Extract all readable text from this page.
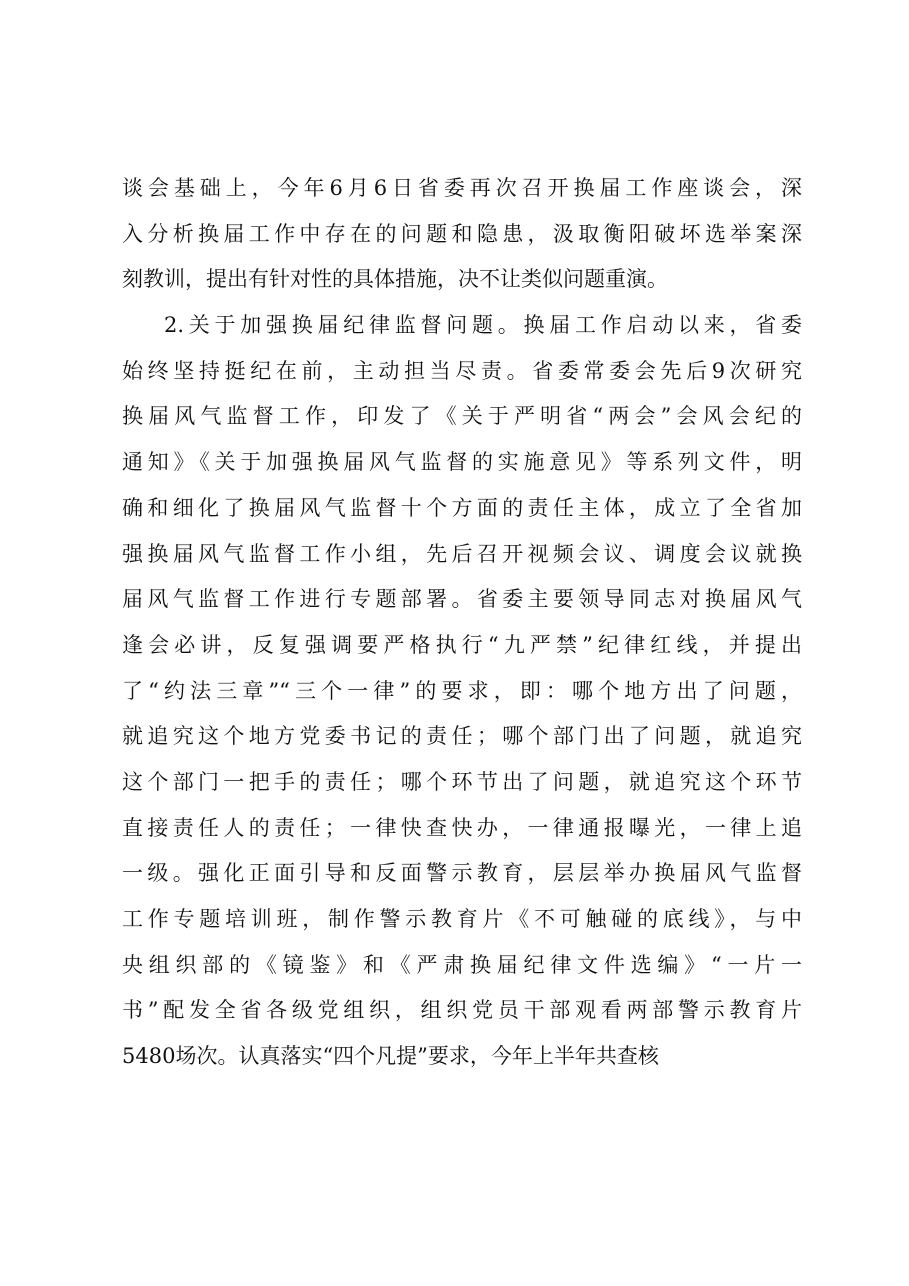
谈会基础上，今年6月6日省委再次召开换届工作座谈会，深
入分析换届工作中存在的问题和隐患，汲取衡阳破坏选举案深
刻教训，提出有针对性的具体措施，决不让类似问题重演。
2.关于加强换届纪律监督问题。换届工作启动以来，省委
始终坚持挺纪在前，主动担当尽责。省委常委会先后9次研究
换届风气监督工作，印发了《关于严明省“两会”会风会纪的
通知》《关于加强换届风气监督的实施意见》等系列文件，明
确和细化了换届风气监督十个方面的责任主体，成立了全省加
强换届风气监督工作小组，先后召开视频会议、调度会议就换
届风气监督工作进行专题部署。省委主要领导同志对换届风气
逢会必讲，反复强调要严格执行“九严禁”纪律红线，并提出
了“约法三章”“三个一律”的要求，即：哪个地方出了问题，
就追究这个地方党委书记的责任；哪个部门出了问题，就追究
这个部门一把手的责任；哪个环节出了问题，就追究这个环节
直接责任人的责任；一律快查快办，一律通报曝光，一律上追
一级。强化正面引导和反面警示教育，层层举办换届风气监督
工作专题培训班，制作警示教育片《不可触碰的底线》，与中
央组织部的《镜鉴》和《严肃换届纪律文件选编》“一片一
书”配发全省各级党组织，组织党员干部观看两部警示教育片
5480场次。认真落实“四个凡提”要求，今年上半年共查核
